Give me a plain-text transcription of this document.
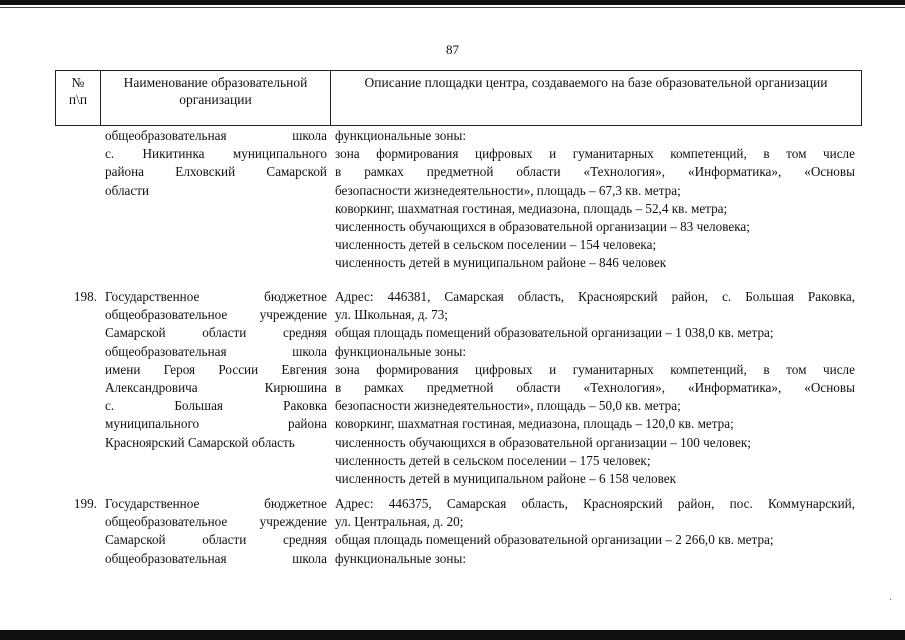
87
№
п\п
Наименование образовательной
организации
Описание площадки центра, создаваемого на базе образовательной организации
общеобразовательная школа
с. Никитинка муниципального
района Елховский Самарской
области
функциональные зоны:
зона формирования цифровых и гуманитарных компетенций, в том числе
в рамках предметной области «Технология», «Информатика», «Основы
безопасности жизнедеятельности», площадь – 67,3 кв. метра;
коворкинг, шахматная гостиная, медиазона, площадь – 52,4 кв. метра;
численность обучающихся в образовательной организации – 83 человека;
численность детей в сельском поселении – 154 человека;
численность детей в муниципальном районе – 846 человек
198. Государственное бюджетное
общеобразовательное учреждение
Самарской области средняя
общеобразовательная школа
имени Героя России Евгения
Александровича Кирюшина
с. Большая Раковка
муниципального района
Красноярский Самарской область
Адрес: 446381, Самарская область, Красноярский район, с. Большая Раковка,
ул. Школьная, д. 73;
общая площадь помещений образовательной организации – 1 038,0 кв. метра;
функциональные зоны:
зона формирования цифровых и гуманитарных компетенций, в том числе
в рамках предметной области «Технология», «Информатика», «Основы
безопасности жизнедеятельности», площадь – 50,0 кв. метра;
коворкинг, шахматная гостиная, медиазона, площадь – 120,0 кв. метра;
численность обучающихся в образовательной организации – 100 человек;
численность детей в сельском поселении – 175 человек;
численность детей в муниципальном районе – 6 158 человек
199. Государственное бюджетное
общеобразовательное учреждение
Самарской области средняя
общеобразовательная школа
Адрес: 446375, Самарская область, Красноярский район, пос. Коммунарский,
ул. Центральная, д. 20;
общая площадь помещений образовательной организации – 2 266,0 кв. метра;
функциональные зоны:
·
